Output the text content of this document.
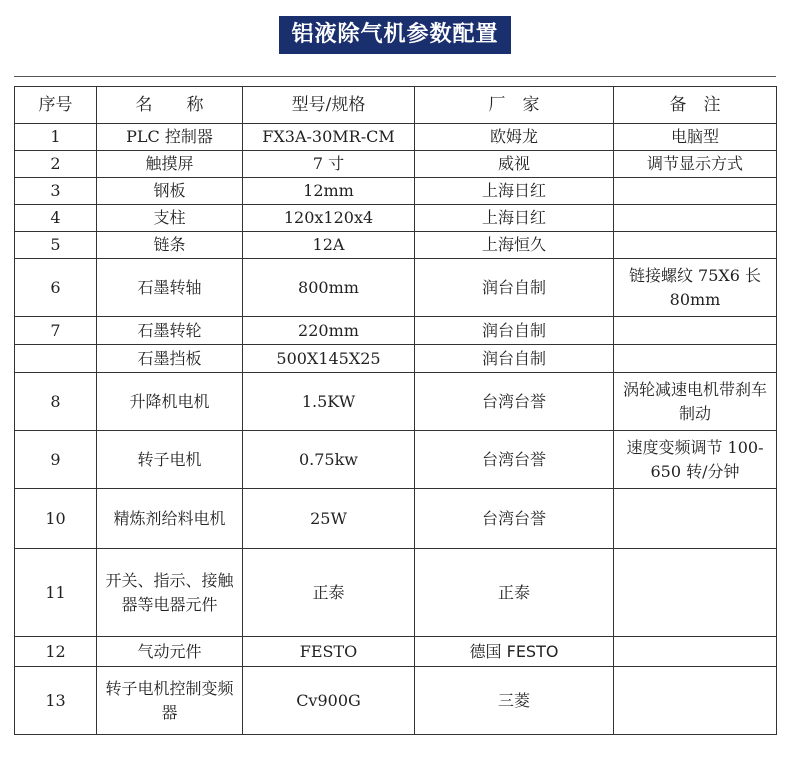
铝液除气机参数配置
序号	名　　称	型号/规格	厂　家	备　注
1	PLC 控制器	FX3A-30MR-CM	欧姆龙	电脑型
2	触摸屏	7 寸	威视	调节显示方式
3	钢板	12mm	上海日红	
4	支柱	120x120x4	上海日红	
5	链条	12A	上海恒久	
6	石墨转轴	800mm	润台自制	链接螺纹 75X6 长 80mm
7	石墨转轮	220mm	润台自制	
	石墨挡板	500X145X25	润台自制	
8	升降机电机	1.5KW	台湾台誉	涡轮减速电机带刹车制动
9	转子电机	0.75kw	台湾台誉	速度变频调节 100-650 转/分钟
10	精炼剂给料电机	25W	台湾台誉	
11	开关、指示、接触器等电器元件	正泰	正泰	
12	气动元件	FESTO	德国 FESTO	
13	转子电机控制变频器	Cv900G	三菱	
